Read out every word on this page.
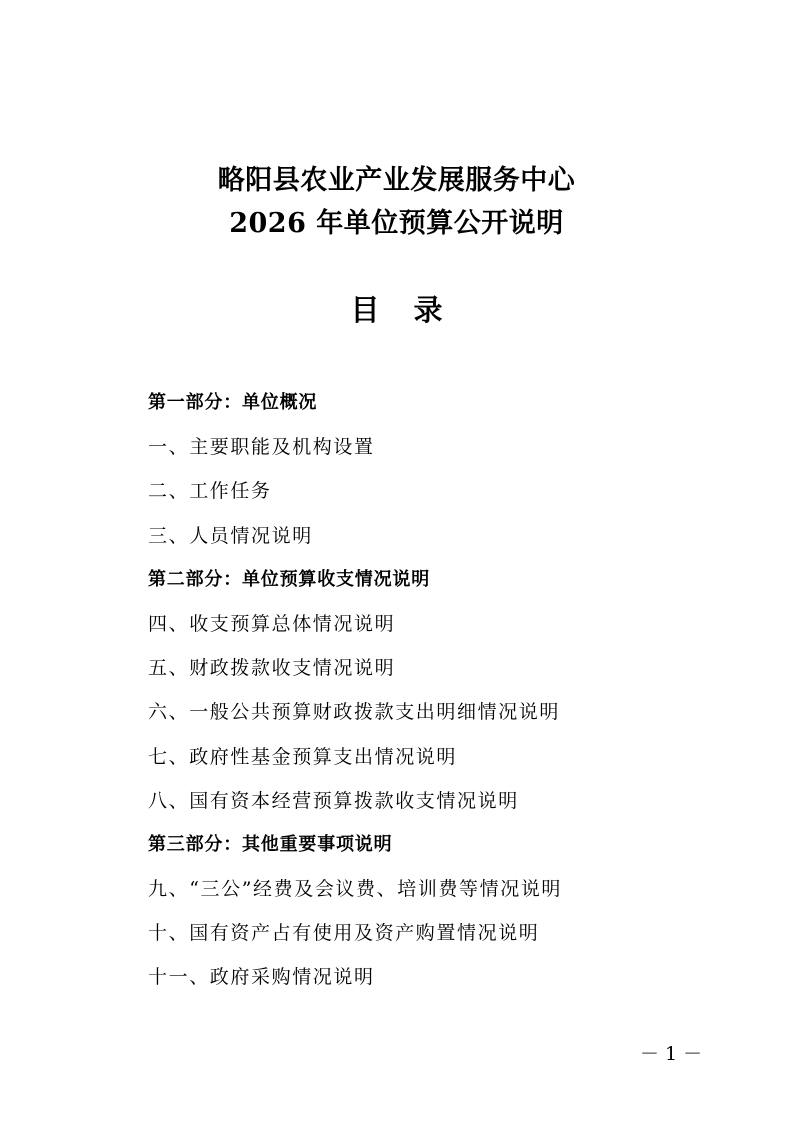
略阳县农业产业发展服务中心
2026 年单位预算公开说明
目录
第一部分：单位概况
一、主要职能及机构设置
二、工作任务
三、人员情况说明
第二部分：单位预算收支情况说明
四、收支预算总体情况说明
五、财政拨款收支情况说明
六、一般公共预算财政拨款支出明细情况说明
七、政府性基金预算支出情况说明
八、国有资本经营预算拨款收支情况说明
第三部分：其他重要事项说明
九、“三公”经费及会议费、培训费等情况说明
十、国有资产占有使用及资产购置情况说明
十一、政府采购情况说明
－ 1 －
